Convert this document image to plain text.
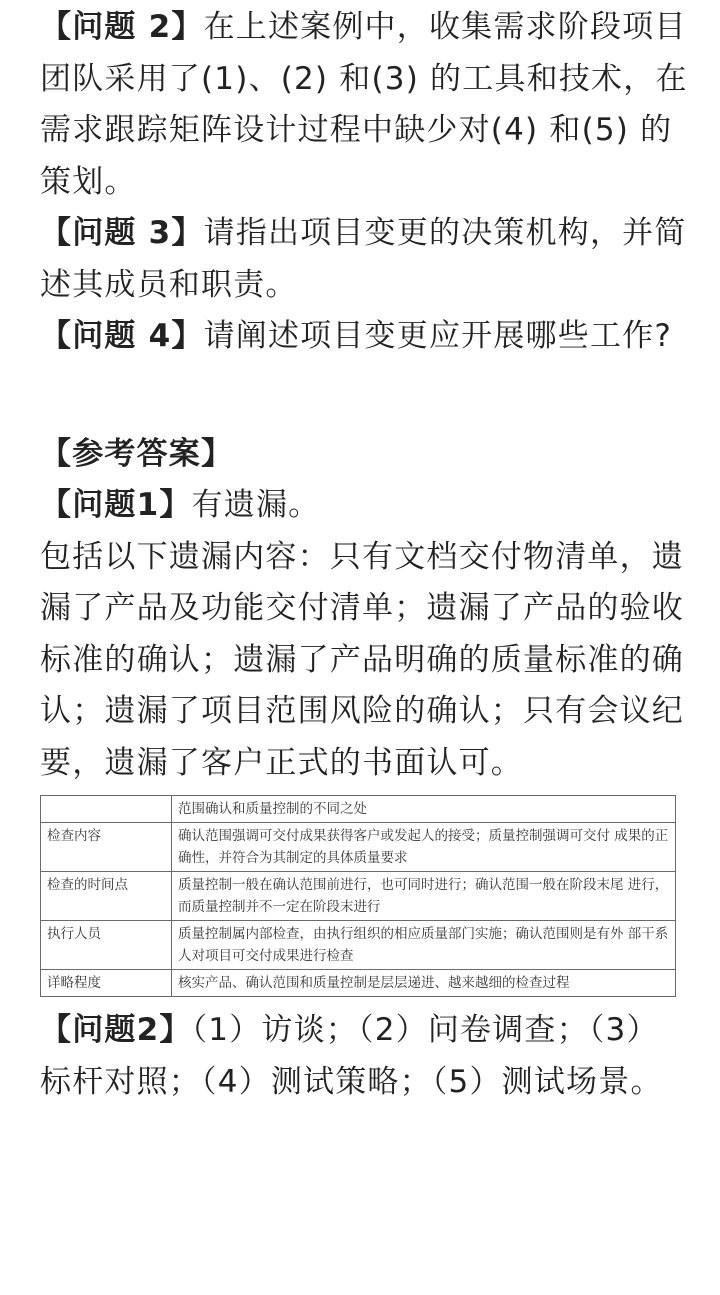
【问题 2】在上述案例中，收集需求阶段项目团队采用了(1)、(2) 和(3) 的工具和技术，在需求跟踪矩阵设计过程中缺少对(4) 和(5) 的策划。

【问题 3】请指出项目变更的决策机构，并简述其成员和职责。

【问题 4】请阐述项目变更应开展哪些工作?

【参考答案】

【问题1】有遗漏。

包括以下遗漏内容：只有文档交付物清单，遗漏了产品及功能交付清单；遗漏了产品的验收标准的确认；遗漏了产品明确的质量标准的确认；遗漏了项目范围风险的确认；只有会议纪要，遗漏了客户正式的书面认可。

	范围确认和质量控制的不同之处
检查内容	确认范围强调可交付成果获得客户或发起人的接受；质量控制强调可交付 成果的正确性，并符合为其制定的具体质量要求
检查的时间点	质量控制一般在确认范围前进行，也可同时进行；确认范围一般在阶段末尾 进行，而质量控制并不一定在阶段末进行
执行人员	质量控制属内部检查，由执行组织的相应质量部门实施；确认范围则是有外 部干系人对项目可交付成果进行检查
详略程度	核实产品、确认范围和质量控制是层层递进、越来越细的检查过程

【问题2】（1）访谈；（2）问卷调查；（3）标杆对照；（4）测试策略；（5）测试场景。
